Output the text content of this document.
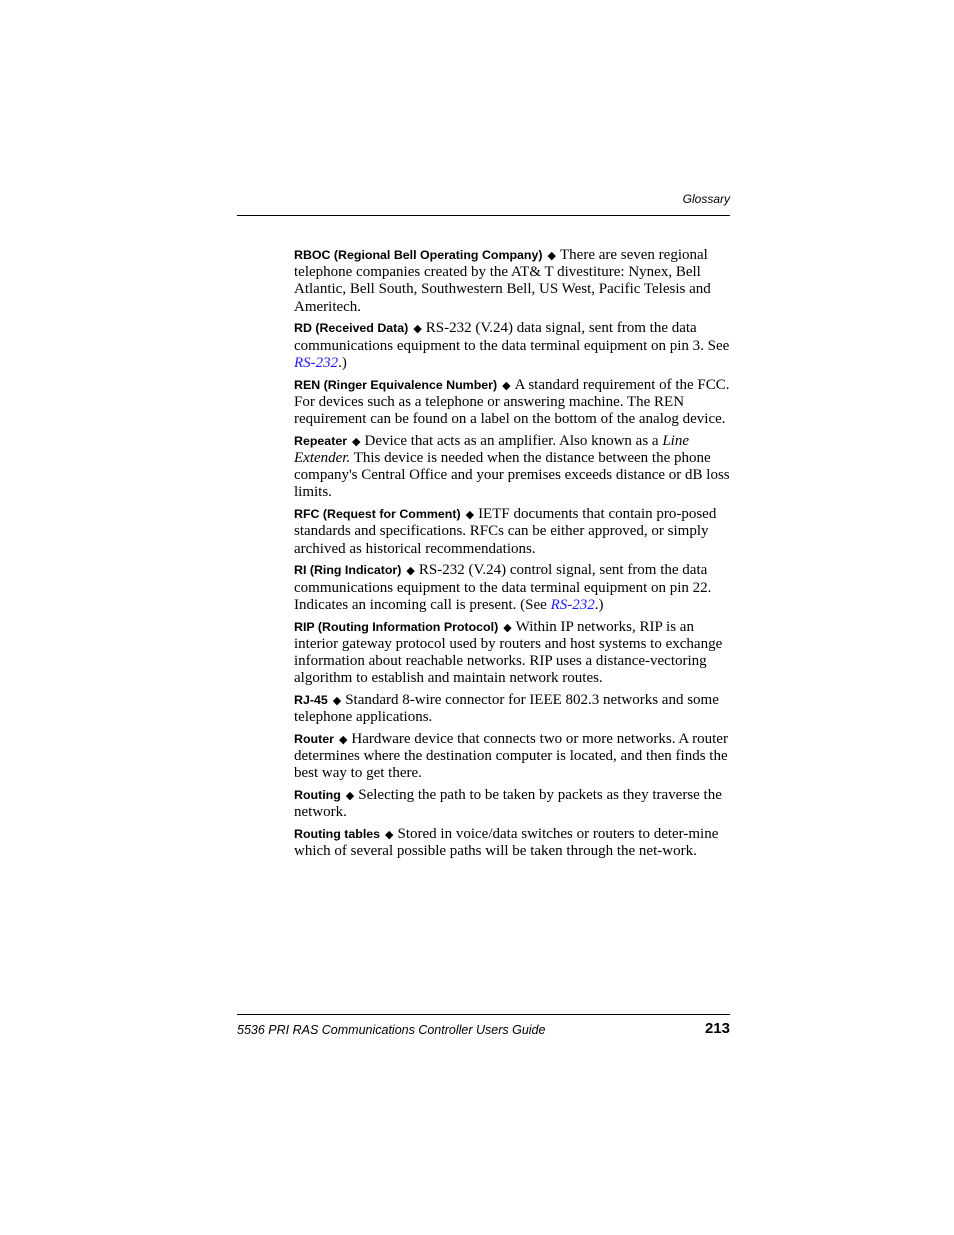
Glossary

RBOC (Regional Bell Operating Company) ◆ There are seven regional telephone companies created by the AT& T divestiture: Nynex, Bell Atlantic, Bell South, Southwestern Bell, US West, Pacific Telesis and Ameritech.

RD (Received Data) ◆ RS-232 (V.24) data signal, sent from the data communications equipment to the data terminal equipment on pin 3. See RS-232.)

REN (Ringer Equivalence Number) ◆ A standard requirement of the FCC. For devices such as a telephone or answering machine. The REN requirement can be found on a label on the bottom of the analog device.

Repeater ◆ Device that acts as an amplifier. Also known as a Line Extender. This device is needed when the distance between the phone company's Central Office and your premises exceeds distance or dB loss limits.

RFC (Request for Comment) ◆ IETF documents that contain pro-posed standards and specifications. RFCs can be either approved, or simply archived as historical recommendations.

RI (Ring Indicator) ◆ RS-232 (V.24) control signal, sent from the data communications equipment to the data terminal equipment on pin 22. Indicates an incoming call is present. (See RS-232.)

RIP (Routing Information Protocol) ◆ Within IP networks, RIP is an interior gateway protocol used by routers and host systems to exchange information about reachable networks. RIP uses a distance-vectoring algorithm to establish and maintain network routes.

RJ-45 ◆ Standard 8-wire connector for IEEE 802.3 networks and some telephone applications.

Router ◆ Hardware device that connects two or more networks. A router determines where the destination computer is located, and then finds the best way to get there.

Routing ◆ Selecting the path to be taken by packets as they traverse the network.

Routing tables ◆ Stored in voice/data switches or routers to deter-mine which of several possible paths will be taken through the net-work.

5536 PRI RAS Communications Controller Users Guide	213
